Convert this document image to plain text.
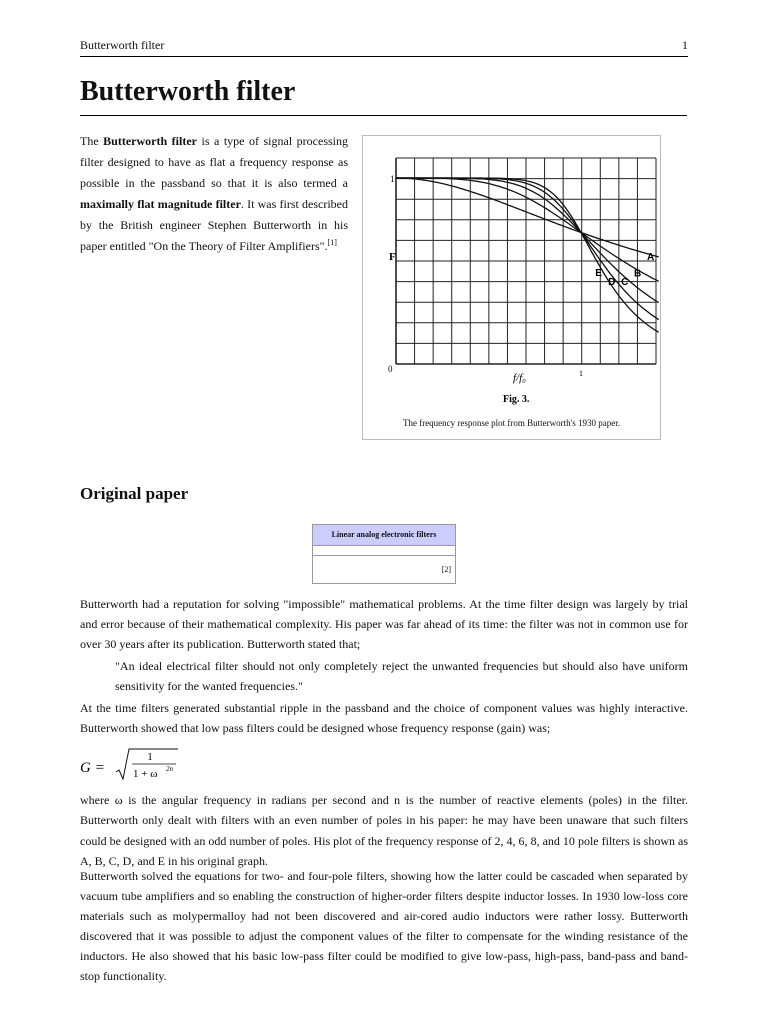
Butterworth filter	1
Butterworth filter

The Butterworth filter is a type of signal processing filter designed to have as flat a frequency response as possible in the passband so that it is also termed a maximally flat magnitude filter. It was first described by the British engineer Stephen Butterworth in his paper entitled "On the Theory of Filter Amplifiers".[1]

A
B
C
D
E
F
1
0	1
f/f₀
Fig. 3.
The frequency response plot from Butterworth's 1930 paper.
Original paper
Linear analog electronic filters
[2]

Butterworth had a reputation for solving "impossible" mathematical problems. At the time filter design was largely by trial and error because of their mathematical complexity. His paper was far ahead of its time: the filter was not in common use for over 30 years after its publication. Butterworth stated that;

"An ideal electrical filter should not only completely reject the unwanted frequencies but should also have uniform sensitivity for the wanted frequencies."

At the time filters generated substantial ripple in the passband and the choice of component values was highly interactive. Butterworth showed that low pass filters could be designed whose frequency response (gain) was;

G =
1
1 + ω 2n

where ω is the angular frequency in radians per second and n is the number of reactive elements (poles) in the filter. Butterworth only dealt with filters with an even number of poles in his paper: he may have been unaware that such filters could be designed with an odd number of poles. His plot of the frequency response of 2, 4, 6, 8, and 10 pole filters is shown as A, B, C, D, and E in his original graph.

Butterworth solved the equations for two- and four-pole filters, showing how the latter could be cascaded when separated by vacuum tube amplifiers and so enabling the construction of higher-order filters despite inductor losses. In 1930 low-loss core materials such as molypermalloy had not been discovered and air-cored audio inductors were rather lossy. Butterworth discovered that it was possible to adjust the component values of the filter to compensate for the winding resistance of the inductors. He also showed that his basic low-pass filter could be modified to give low-pass, high-pass, band-pass and band-stop functionality.
